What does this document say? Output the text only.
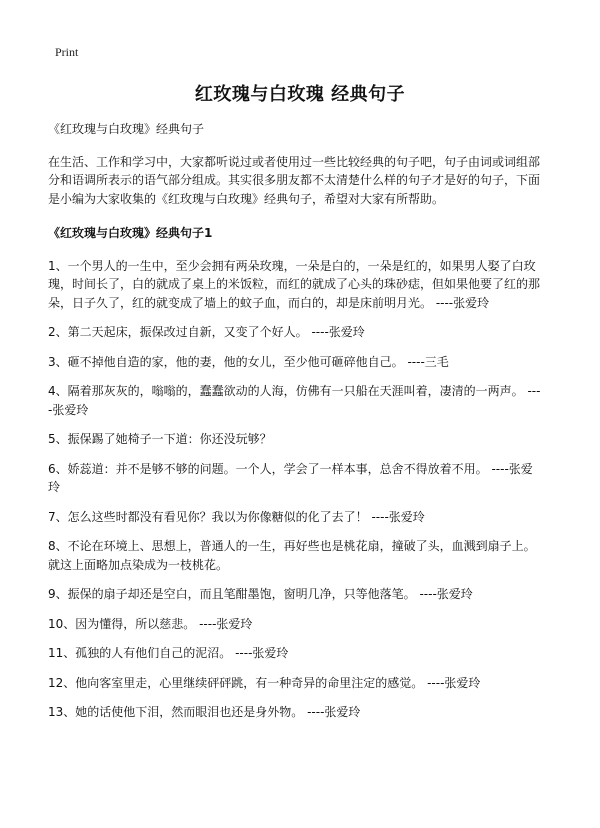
Print
红玫瑰与白玫瑰 经典句子

《红玫瑰与白玫瑰》经典句子

在生活、工作和学习中，大家都听说过或者使用过一些比较经典的句子吧，句子由词或词组部分和语调所表示的语气部分组成。其实很多朋友都不太清楚什么样的句子才是好的句子，下面是小编为大家收集的《红玫瑰与白玫瑰》经典句子，希望对大家有所帮助。

《红玫瑰与白玫瑰》经典句子1

1、一个男人的一生中，至少会拥有两朵玫瑰，一朵是白的，一朵是红的，如果男人娶了白玫瑰，时间长了，白的就成了桌上的米饭粒，而红的就成了心头的珠砂痣，但如果他要了红的那朵，日子久了，红的就变成了墙上的蚊子血，而白的，却是床前明月光。 ----张爱玲

2、第二天起床，振保改过自新，又变了个好人。 ----张爱玲

3、砸不掉他自造的家，他的妻，他的女儿，至少他可砸碎他自己。 ----三毛

4、隔着那灰灰的，嗡嗡的，蠢蠢欲动的人海，仿佛有一只船在天涯叫着，凄清的一两声。 ----张爱玲

5、振保踢了她椅子一下道：你还没玩够？

6、娇蕊道：并不是够不够的问题。一个人，学会了一样本事，总舍不得放着不用。 ----张爱玲

7、怎么这些时都没有看见你？我以为你像糖似的化了去了！ ----张爱玲

8、不论在环境上、思想上，普通人的一生，再好些也是桃花扇，撞破了头，血溅到扇子上。就这上面略加点染成为一枝桃花。

9、振保的扇子却还是空白，而且笔酣墨饱，窗明几净，只等他落笔。 ----张爱玲

10、因为懂得，所以慈悲。 ----张爱玲

11、孤独的人有他们自己的泥沼。 ----张爱玲

12、他向客室里走，心里继续砰砰跳，有一种奇异的命里注定的感觉。 ----张爱玲

13、她的话使他下泪，然而眼泪也还是身外物。 ----张爱玲
